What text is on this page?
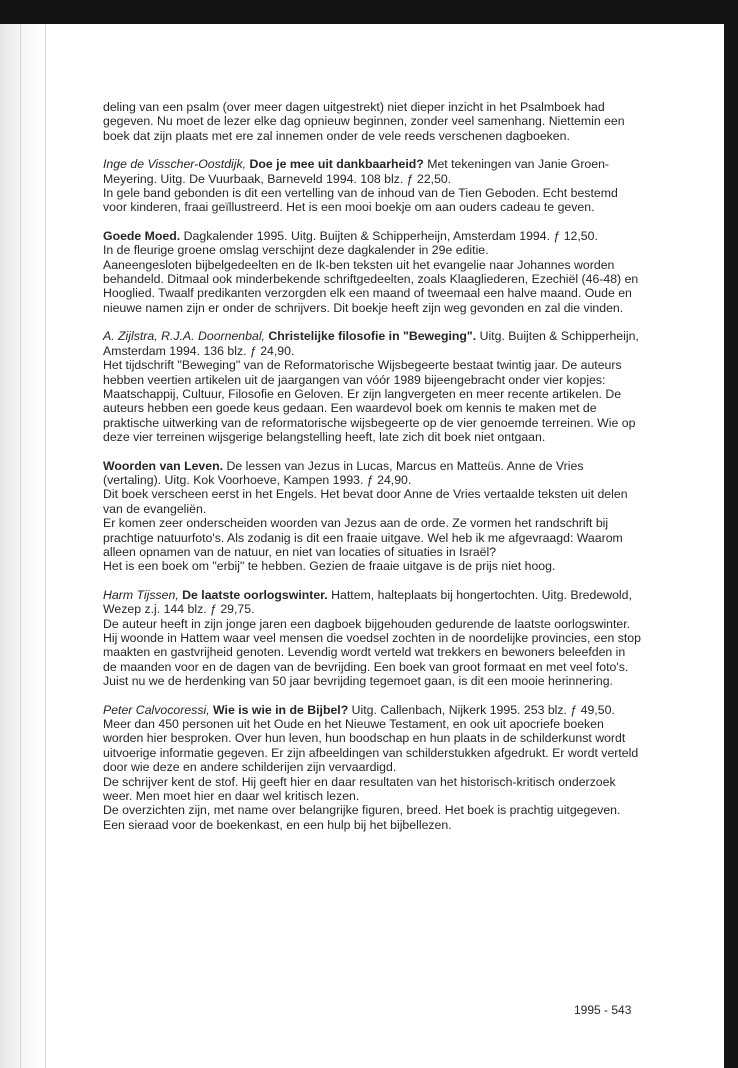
deling van een psalm (over meer dagen uitgestrekt) niet dieper inzicht in het Psalmboek had gegeven. Nu moet de lezer elke dag opnieuw beginnen, zonder veel samenhang. Niettemin een boek dat zijn plaats met ere zal innemen onder de vele reeds verschenen dagboeken.

Inge de Visscher-Oostdijk, Doe je mee uit dankbaarheid? Met tekeningen van Janie Groen-Meyering. Uitg. De Vuurbaak, Barneveld 1994. 108 blz. ƒ 22,50.

In gele band gebonden is dit een vertelling van de inhoud van de Tien Geboden. Echt bestemd voor kinderen, fraai geïllustreerd. Het is een mooi boekje om aan ouders cadeau te geven.

Goede Moed. Dagkalender 1995. Uitg. Buijten & Schipperheijn, Amsterdam 1994. ƒ 12,50.

In de fleurige groene omslag verschijnt deze dagkalender in 29e editie.

Aaneengesloten bijbelgedeelten en de Ik-ben teksten uit het evangelie naar Johannes worden behandeld. Ditmaal ook minderbekende schriftgedeelten, zoals Klaagliederen, Ezechiël (46-48) en Hooglied. Twaalf predikanten verzorgden elk een maand of tweemaal een halve maand. Oude en nieuwe namen zijn er onder de schrijvers. Dit boekje heeft zijn weg gevonden en zal die vinden.

A. Zijlstra, R.J.A. Doornenbal, Christelijke filosofie in "Beweging". Uitg. Buijten & Schipperheijn, Amsterdam 1994. 136 blz. ƒ 24,90.

Het tijdschrift "Beweging" van de Reformatorische Wijsbegeerte bestaat twintig jaar. De auteurs hebben veertien artikelen uit de jaargangen van vóór 1989 bijeengebracht onder vier kopjes: Maatschappij, Cultuur, Filosofie en Geloven. Er zijn langvergeten en meer recente artikelen. De auteurs hebben een goede keus gedaan. Een waardevol boek om kennis te maken met de praktische uitwerking van de reformatorische wijsbegeerte op de vier genoemde terreinen. Wie op deze vier terreinen wijsgerige belangstelling heeft, late zich dit boek niet ontgaan.

Woorden van Leven. De lessen van Jezus in Lucas, Marcus en Matteüs. Anne de Vries (vertaling). Uitg. Kok Voorhoeve, Kampen 1993. ƒ 24,90.

Dit boek verscheen eerst in het Engels. Het bevat door Anne de Vries vertaalde teksten uit delen van de evangeliën.

Er komen zeer onderscheiden woorden van Jezus aan de orde. Ze vormen het randschrift bij prachtige natuurfoto's. Als zodanig is dit een fraaie uitgave. Wel heb ik me afgevraagd: Waarom alleen opnamen van de natuur, en niet van locaties of situaties in Israël?

Het is een boek om "erbij" te hebben. Gezien de fraaie uitgave is de prijs niet hoog.

Harm Tijssen, De laatste oorlogswinter. Hattem, halteplaats bij hongertochten. Uitg. Bredewold, Wezep z.j. 144 blz. ƒ 29,75.

De auteur heeft in zijn jonge jaren een dagboek bijgehouden gedurende de laatste oorlogswinter. Hij woonde in Hattem waar veel mensen die voedsel zochten in de noordelijke provincies, een stop maakten en gastvrijheid genoten. Levendig wordt verteld wat trekkers en bewoners beleefden in de maanden voor en de dagen van de bevrijding. Een boek van groot formaat en met veel foto's. Juist nu we de herdenking van 50 jaar bevrijding tegemoet gaan, is dit een mooie herinnering.

Peter Calvocoressi, Wie is wie in de Bijbel? Uitg. Callenbach, Nijkerk 1995. 253 blz. ƒ 49,50.

Meer dan 450 personen uit het Oude en het Nieuwe Testament, en ook uit apocriefe boeken worden hier besproken. Over hun leven, hun boodschap en hun plaats in de schilderkunst wordt uitvoerige informatie gegeven. Er zijn afbeeldingen van schilderstukken afgedrukt. Er wordt verteld door wie deze en andere schilderijen zijn vervaardigd.

De schrijver kent de stof. Hij geeft hier en daar resultaten van het historisch-kritisch onderzoek weer. Men moet hier en daar wel kritisch lezen.

De overzichten zijn, met name over belangrijke figuren, breed. Het boek is prachtig uitgegeven. Een sieraad voor de boekenkast, en een hulp bij het bijbellezen.

1995 - 543
